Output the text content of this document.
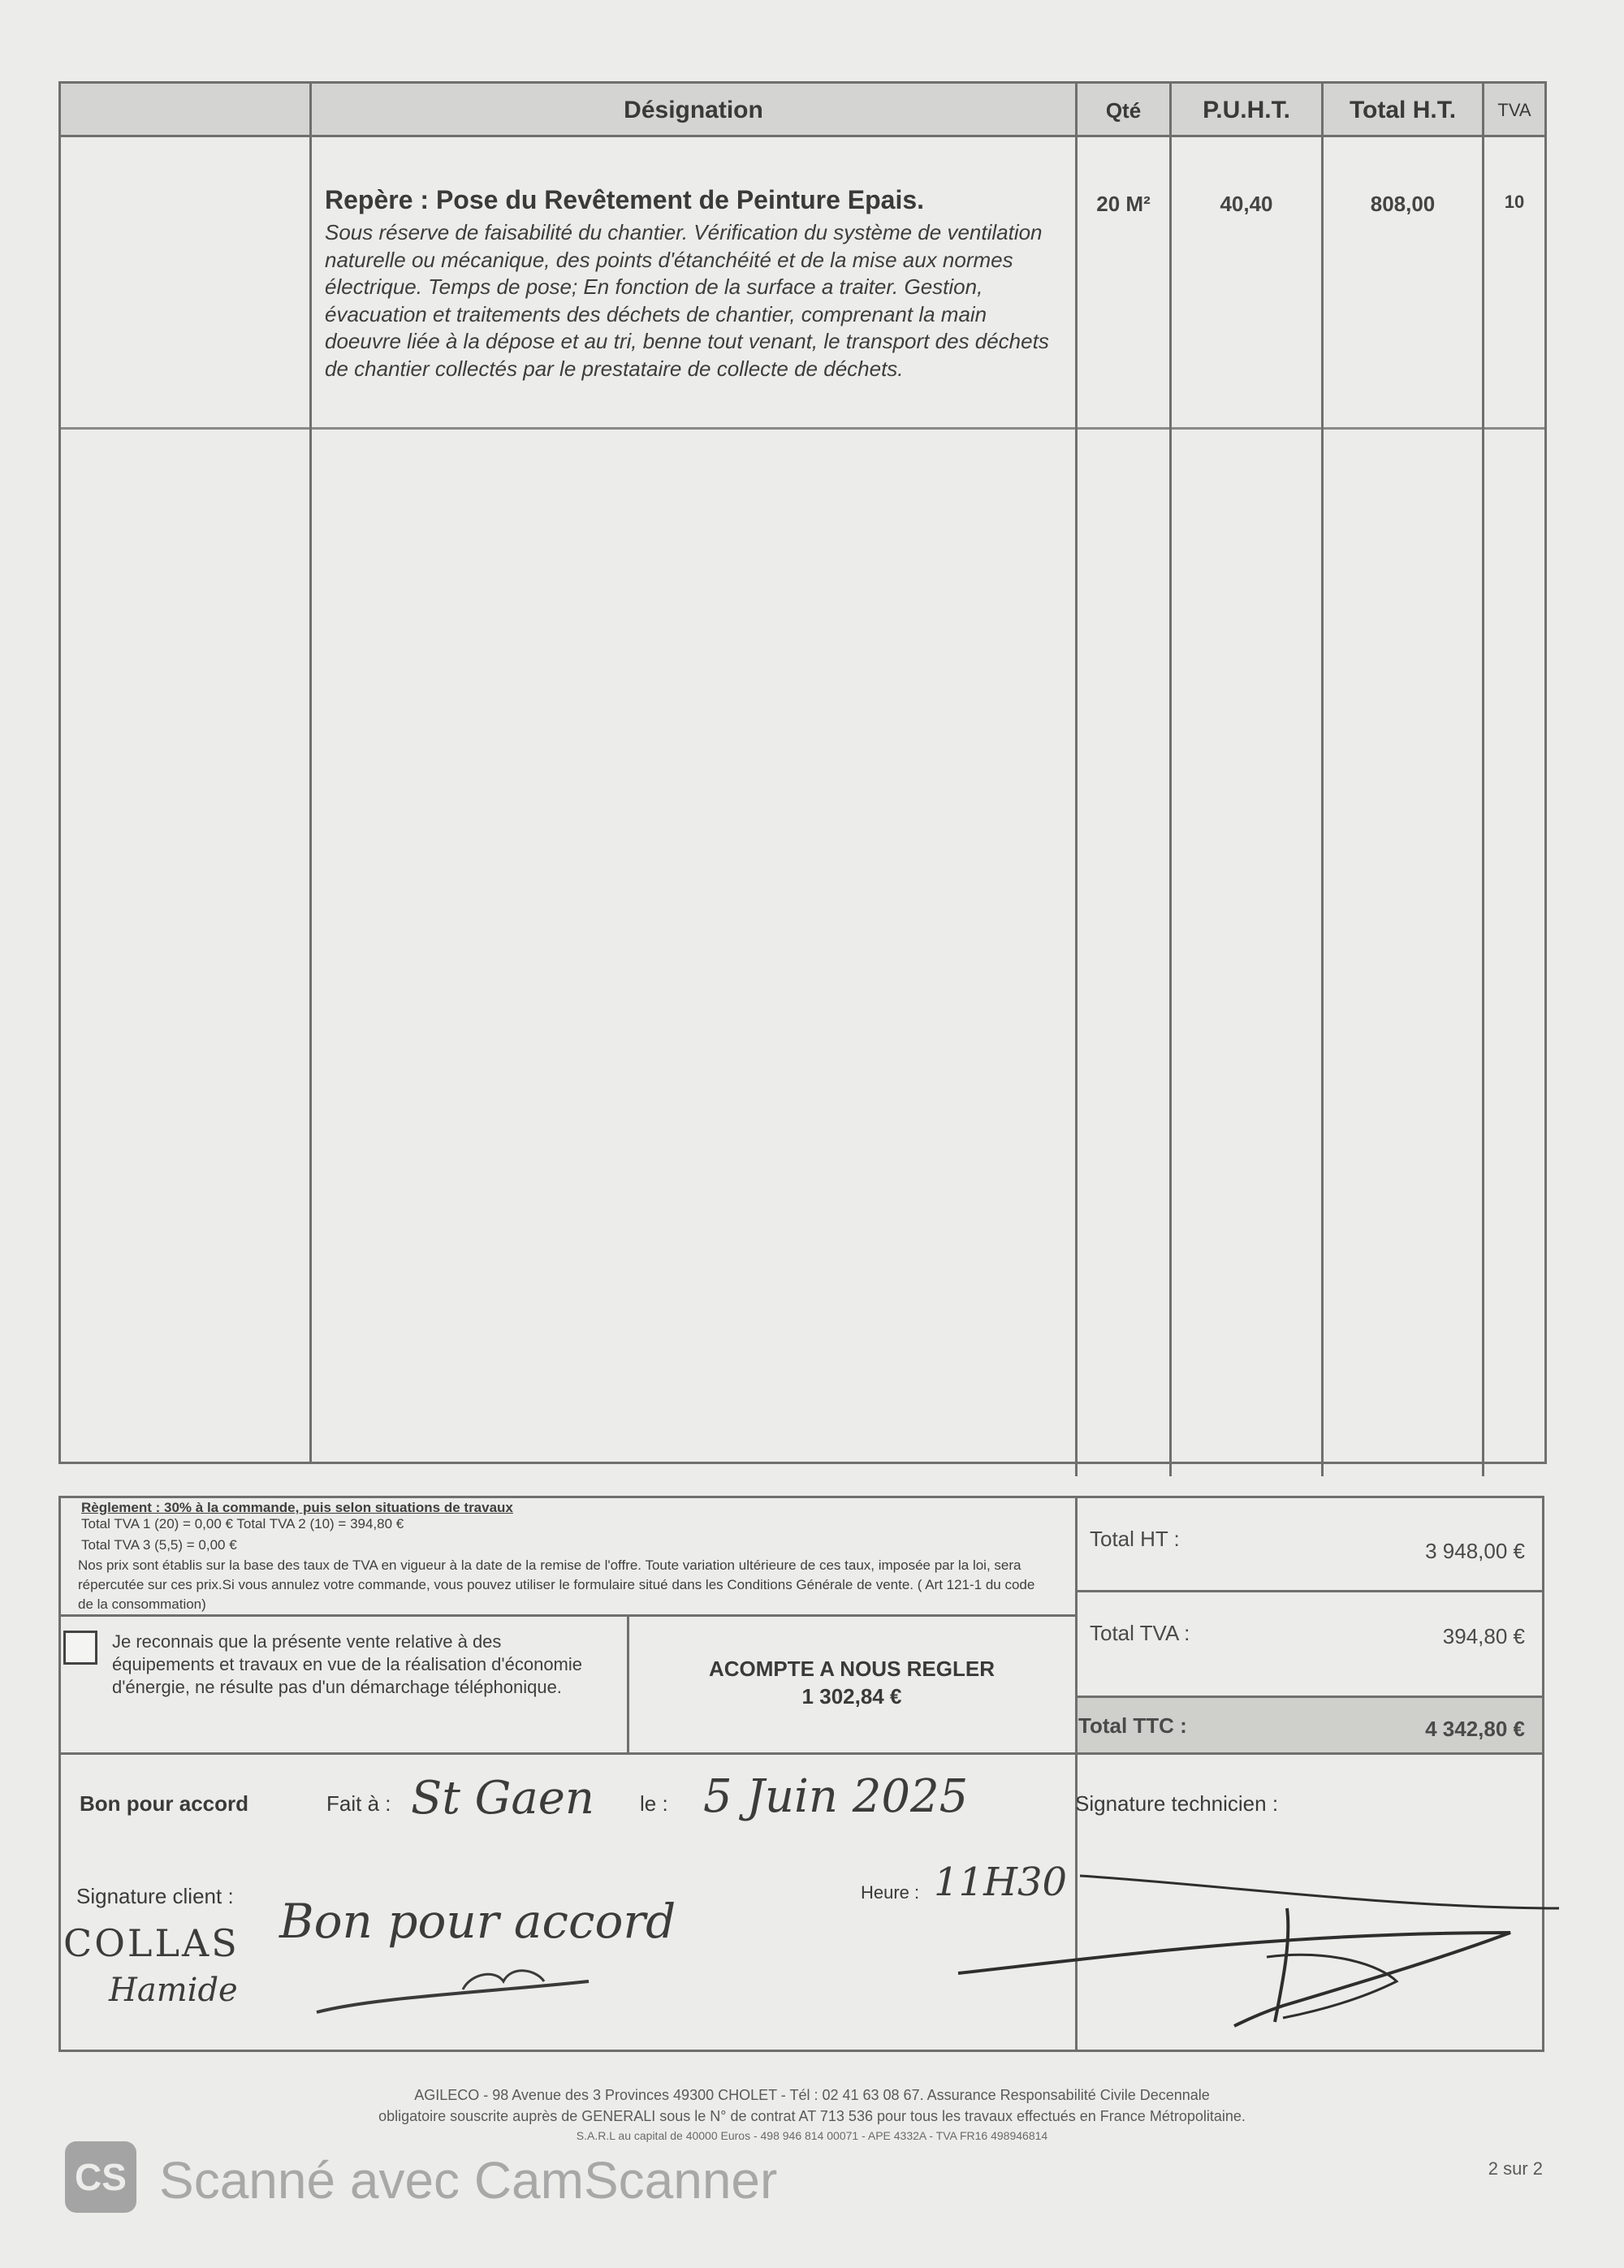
Désignation	Qté	P.U.H.T.	Total H.T.	TVA
Repère : Pose du Revêtement de Peinture Epais.
Sous réserve de faisabilité du chantier. Vérification du système de ventilation naturelle ou mécanique, des points d'étanchéité et de la mise aux normes électrique. Temps de pose; En fonction de la surface a traiter. Gestion, évacuation et traitements des déchets de chantier, comprenant la main doeuvre liée à la dépose et au tri, benne tout venant, le transport des déchets de chantier collectés par le prestataire de collecte de déchets.
20 M²	40,40	808,00	10
Règlement : 30% à la commande, puis selon situations de travaux
Total TVA 1 (20) = 0,00 € Total TVA 2 (10) = 394,80 €
Total TVA 3 (5,5) = 0,00 €
Nos prix sont établis sur la base des taux de TVA en vigueur à la date de la remise de l'offre. Toute variation ultérieure de ces taux, imposée par la loi, sera répercutée sur ces prix.Si vous annulez votre commande, vous pouvez utiliser le formulaire situé dans les Conditions Générale de vente. ( Art 121-1 du code de la consommation)
Je reconnais que la présente vente relative à des équipements et travaux en vue de la réalisation d'économie d'énergie, ne résulte pas d'un démarchage téléphonique.
ACOMPTE A NOUS REGLER
1 302,84 €
Total HT :	3 948,00 €
Total TVA :	394,80 €
Total TTC :	4 342,80 €
Bon pour accord	Fait à : St Gaen le : 5 Juin 2025	Signature technicien :
Signature client :	Heure : 11H30
COLLAS
Hamide
Bon pour accord
AGILECO - 98 Avenue des 3 Provinces 49300 CHOLET - Tél : 02 41 63 08 67. Assurance Responsabilité Civile Decennale
obligatoire souscrite auprès de GENERALI sous le N° de contrat AT 713 536 pour tous les travaux effectués en France Métropolitaine.
S.A.R.L au capital de 40000 Euros - 498 946 814 00071 - APE 4332A - TVA FR16 498946814
2 sur 2
CS Scanné avec CamScanner
